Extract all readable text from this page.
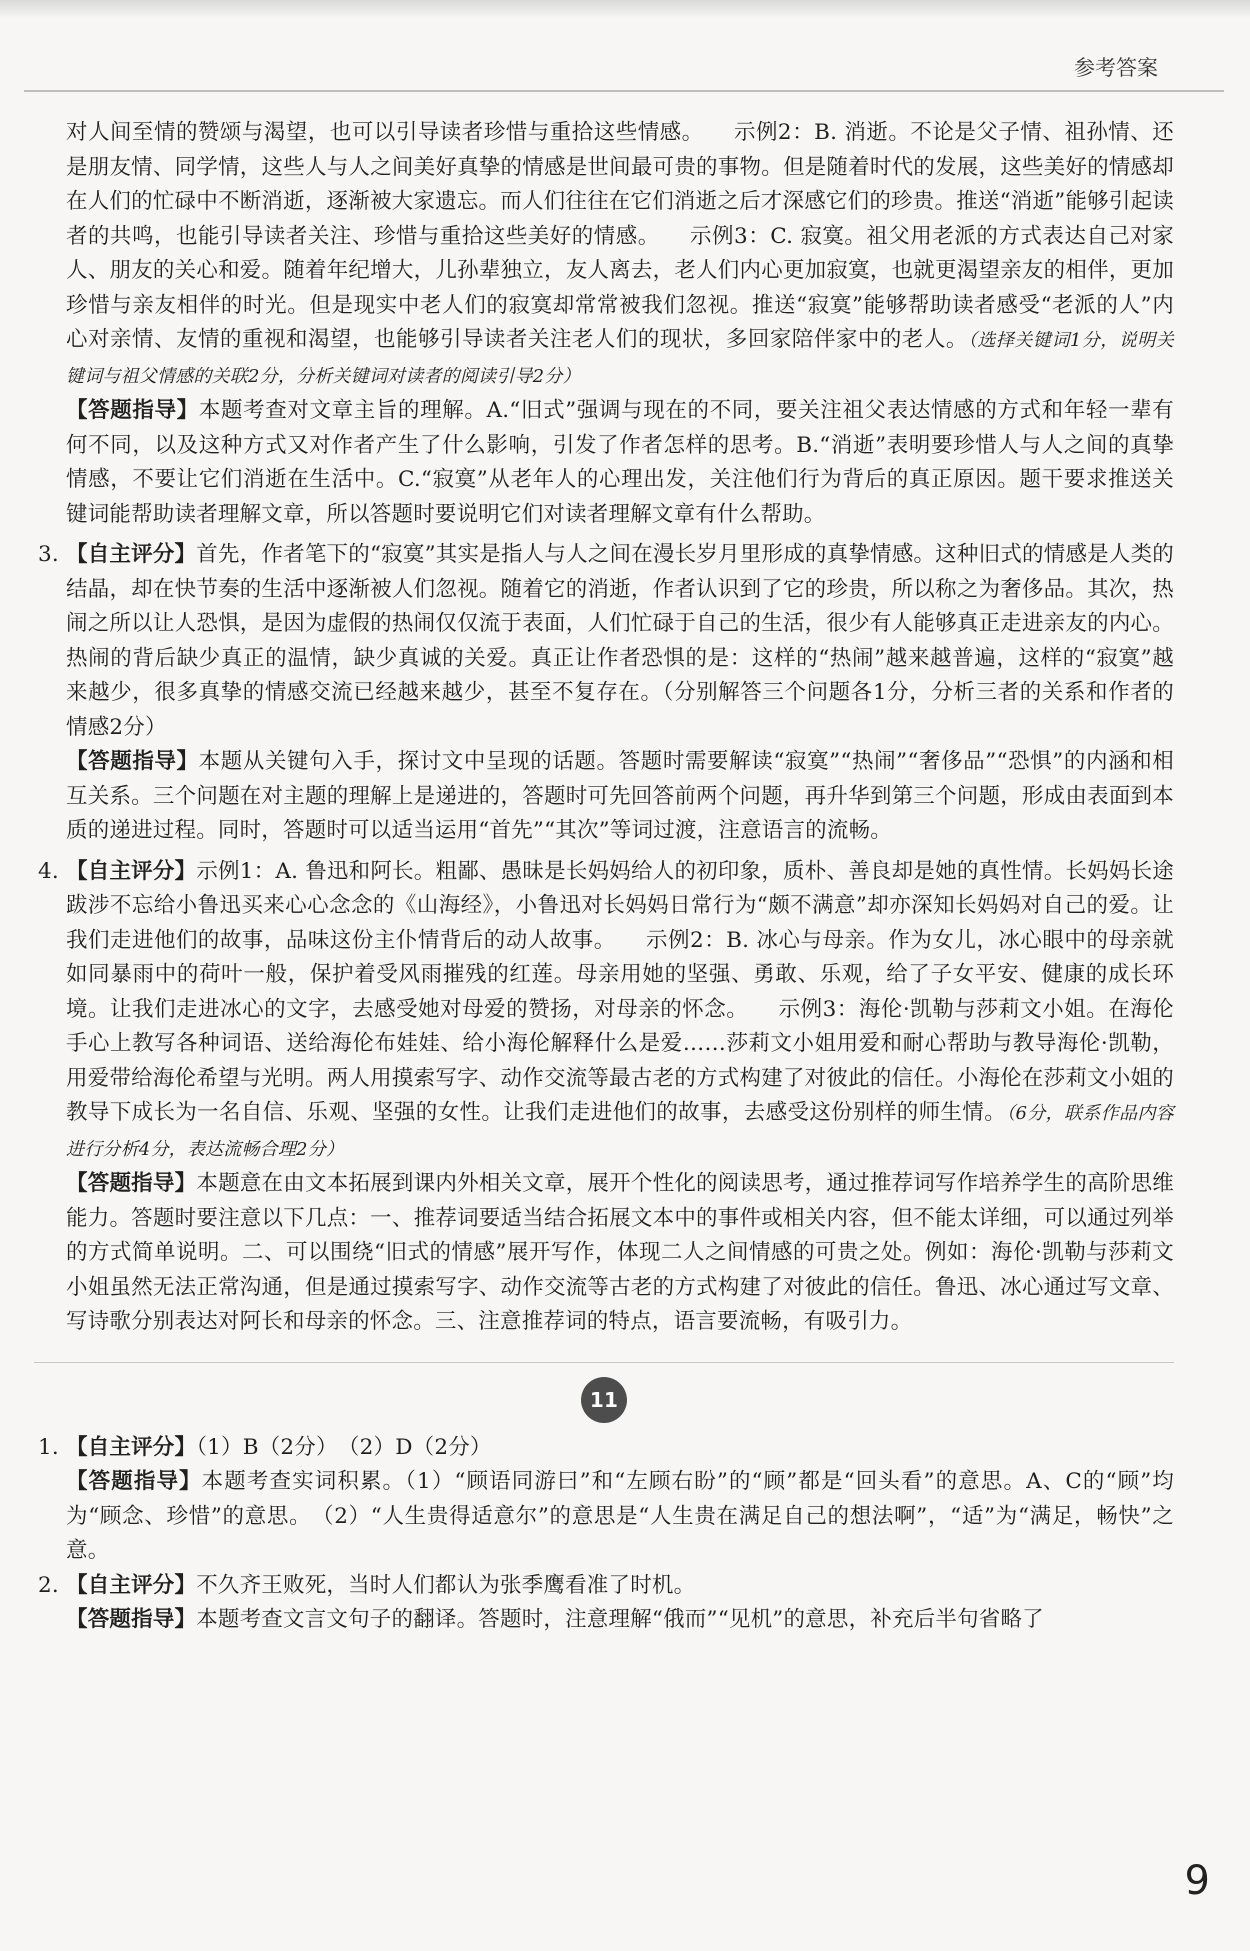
参考答案

对人间至情的赞颂与渴望，也可以引导读者珍惜与重拾这些情感。 示例2：B. 消逝。不论是父子情、祖孙情、还是朋友情、同学情，这些人与人之间美好真挚的情感是世间最可贵的事物。但是随着时代的发展，这些美好的情感却在人们的忙碌中不断消逝，逐渐被大家遗忘。而人们往往在它们消逝之后才深感它们的珍贵。推送“消逝”能够引起读者的共鸣，也能引导读者关注、珍惜与重拾这些美好的情感。 示例3：C. 寂寞。祖父用老派的方式表达自己对家人、朋友的关心和爱。随着年纪增大，儿孙辈独立，友人离去，老人们内心更加寂寞，也就更渴望亲友的相伴，更加珍惜与亲友相伴的时光。但是现实中老人们的寂寞却常常被我们忽视。推送“寂寞”能够帮助读者感受“老派的人”内心对亲情、友情的重视和渴望，也能够引导读者关注老人们的现状，多回家陪伴家中的老人。（选择关键词1分，说明关键词与祖父情感的关联2分，分析关键词对读者的阅读引导2分）

【答题指导】本题考查对文章主旨的理解。A.“旧式”强调与现在的不同，要关注祖父表达情感的方式和年轻一辈有何不同，以及这种方式又对作者产生了什么影响，引发了作者怎样的思考。B.“消逝”表明要珍惜人与人之间的真挚情感，不要让它们消逝在生活中。C.“寂寞”从老年人的心理出发，关注他们行为背后的真正原因。题干要求推送关键词能帮助读者理解文章，所以答题时要说明它们对读者理解文章有什么帮助。

3. 【自主评分】首先，作者笔下的“寂寞”其实是指人与人之间在漫长岁月里形成的真挚情感。这种旧式的情感是人类的结晶，却在快节奏的生活中逐渐被人们忽视。随着它的消逝，作者认识到了它的珍贵，所以称之为奢侈品。其次，热闹之所以让人恐惧，是因为虚假的热闹仅仅流于表面，人们忙碌于自己的生活，很少有人能够真正走进亲友的内心。热闹的背后缺少真正的温情，缺少真诚的关爱。真正让作者恐惧的是：这样的“热闹”越来越普遍，这样的“寂寞”越来越少，很多真挚的情感交流已经越来越少，甚至不复存在。（分别解答三个问题各1分，分析三者的关系和作者的情感2分）

【答题指导】本题从关键句入手，探讨文中呈现的话题。答题时需要解读“寂寞”“热闹”“奢侈品”“恐惧”的内涵和相互关系。三个问题在对主题的理解上是递进的，答题时可先回答前两个问题，再升华到第三个问题，形成由表面到本质的递进过程。同时，答题时可以适当运用“首先”“其次”等词过渡，注意语言的流畅。

4. 【自主评分】示例1：A. 鲁迅和阿长。粗鄙、愚昧是长妈妈给人的初印象，质朴、善良却是她的真性情。长妈妈长途跋涉不忘给小鲁迅买来心心念念的《山海经》，小鲁迅对长妈妈日常行为“颇不满意”却亦深知长妈妈对自己的爱。让我们走进他们的故事，品味这份主仆情背后的动人故事。 示例2：B. 冰心与母亲。作为女儿，冰心眼中的母亲就如同暴雨中的荷叶一般，保护着受风雨摧残的红莲。母亲用她的坚强、勇敢、乐观，给了子女平安、健康的成长环境。让我们走进冰心的文字，去感受她对母爱的赞扬，对母亲的怀念。 示例3：海伦·凯勒与莎莉文小姐。在海伦手心上教写各种词语、送给海伦布娃娃、给小海伦解释什么是爱……莎莉文小姐用爱和耐心帮助与教导海伦·凯勒，用爱带给海伦希望与光明。两人用摸索写字、动作交流等最古老的方式构建了对彼此的信任。小海伦在莎莉文小姐的教导下成长为一名自信、乐观、坚强的女性。让我们走进他们的故事，去感受这份别样的师生情。（6分，联系作品内容进行分析4分，表达流畅合理2分）

【答题指导】本题意在由文本拓展到课内外相关文章，展开个性化的阅读思考，通过推荐词写作培养学生的高阶思维能力。答题时要注意以下几点：一、推荐词要适当结合拓展文本中的事件或相关内容，但不能太详细，可以通过列举的方式简单说明。二、可以围绕“旧式的情感”展开写作，体现二人之间情感的可贵之处。例如：海伦·凯勒与莎莉文小姐虽然无法正常沟通，但是通过摸索写字、动作交流等古老的方式构建了对彼此的信任。鲁迅、冰心通过写文章、写诗歌分别表达对阿长和母亲的怀念。三、注意推荐词的特点，语言要流畅，有吸引力。

11
1. 【自主评分】（1）B（2分）　（2）D（2分）

【答题指导】本题考查实词积累。（1）“顾语同游曰”和“左顾右盼”的“顾”都是“回头看”的意思。A、C的“顾”均为“顾念、珍惜”的意思。　（2）“人生贵得适意尔”的意思是“人生贵在满足自己的想法啊”，“适”为“满足，畅快”之意。

2. 【自主评分】不久齐王败死，当时人们都认为张季鹰看准了时机。

【答题指导】本题考查文言文句子的翻译。答题时，注意理解“俄而”“见机”的意思，补充后半句省略了

9
